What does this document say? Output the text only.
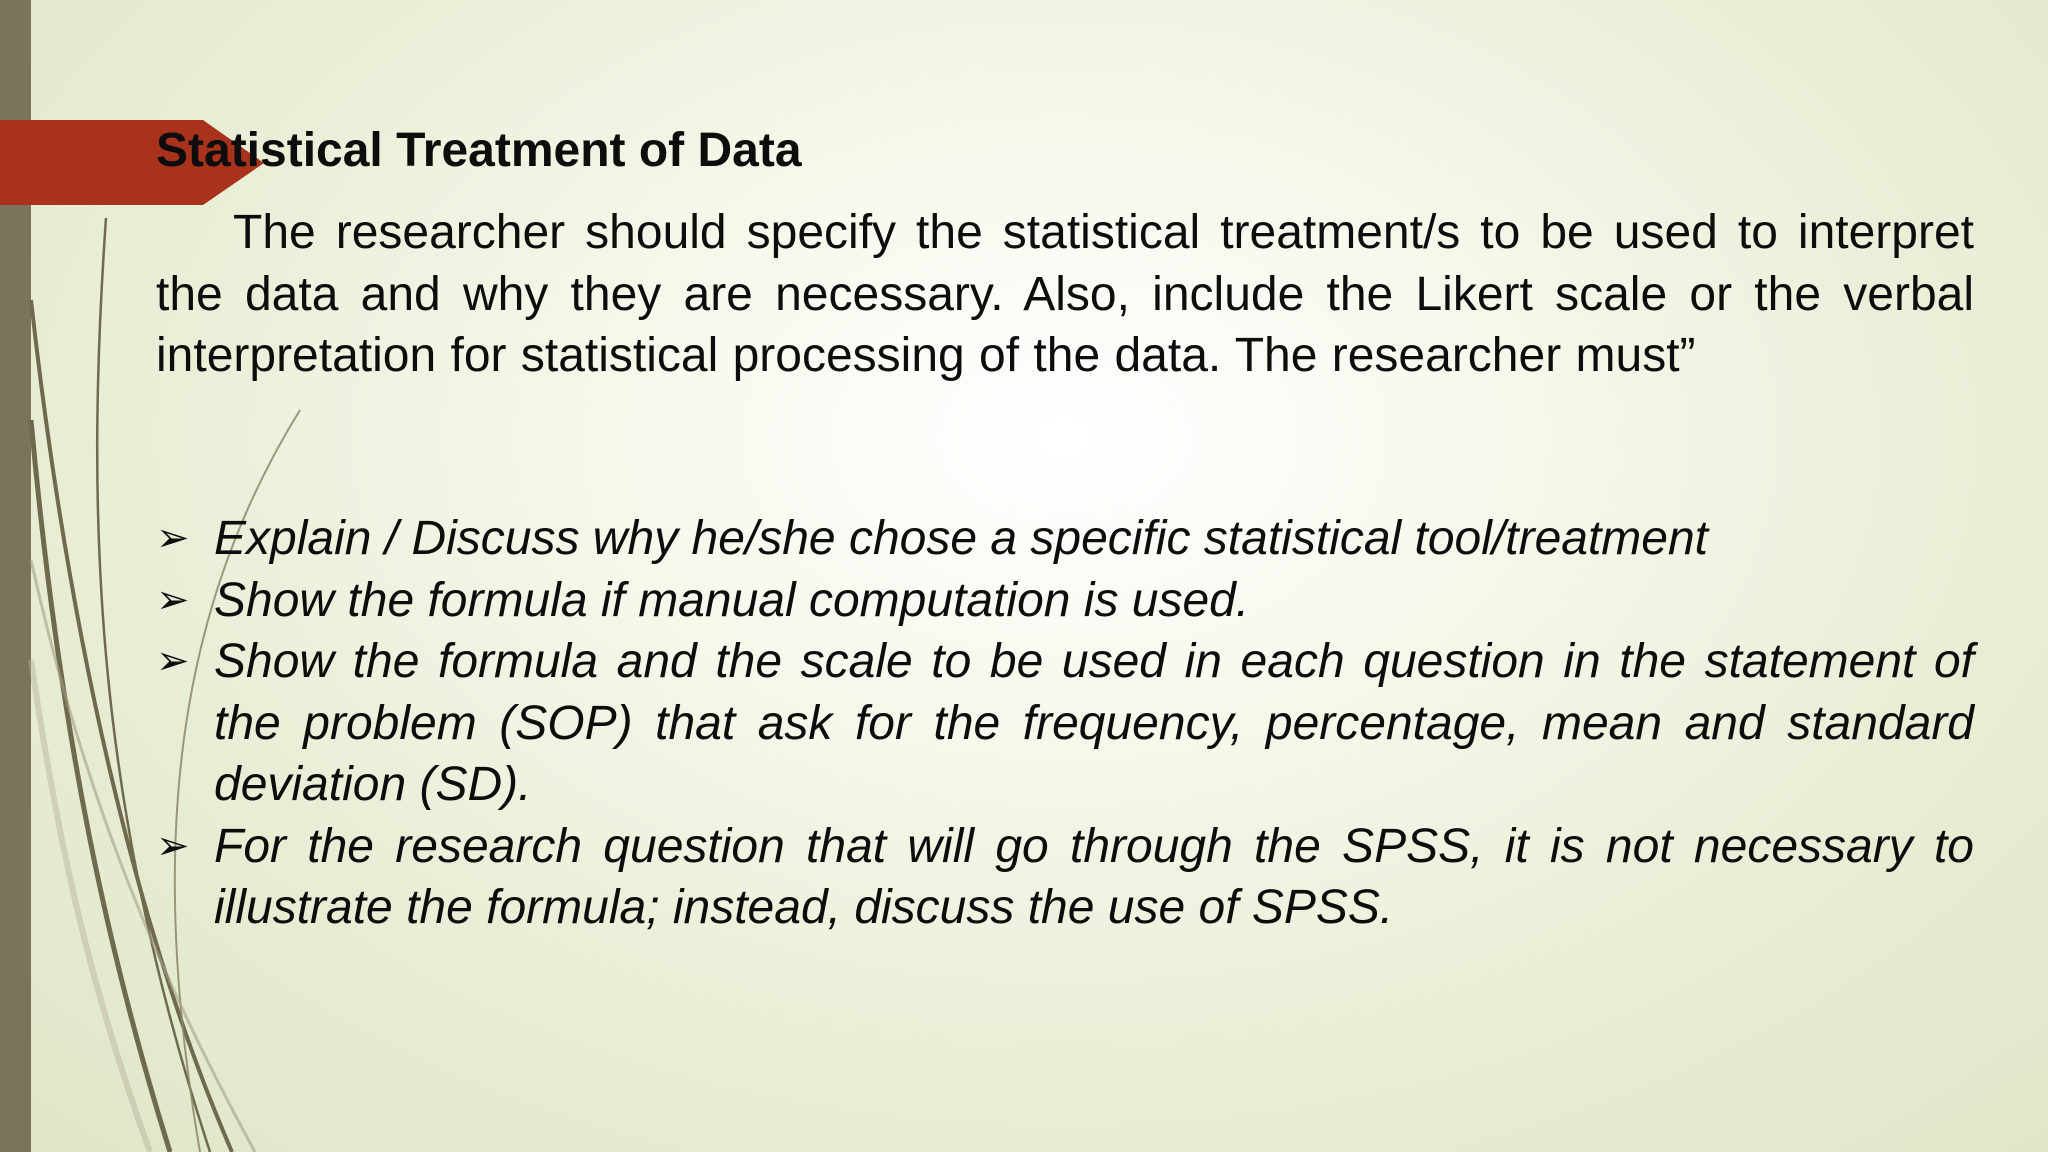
Statistical Treatment of Data

The researcher should specify the statistical treatment/s to be used to interpret the data and why they are necessary. Also, include the Likert scale or the verbal interpretation for statistical processing of the data. The researcher must”

➢ Explain / Discuss why he/she chose a specific statistical tool/treatment
➢ Show the formula if manual computation is used.
➢ Show the formula and the scale to be used in each question in the statement of the problem (SOP) that ask for the frequency, percentage, mean and standard deviation (SD).
➢ For the research question that will go through the SPSS, it is not necessary to illustrate the formula; instead, discuss the use of SPSS.
